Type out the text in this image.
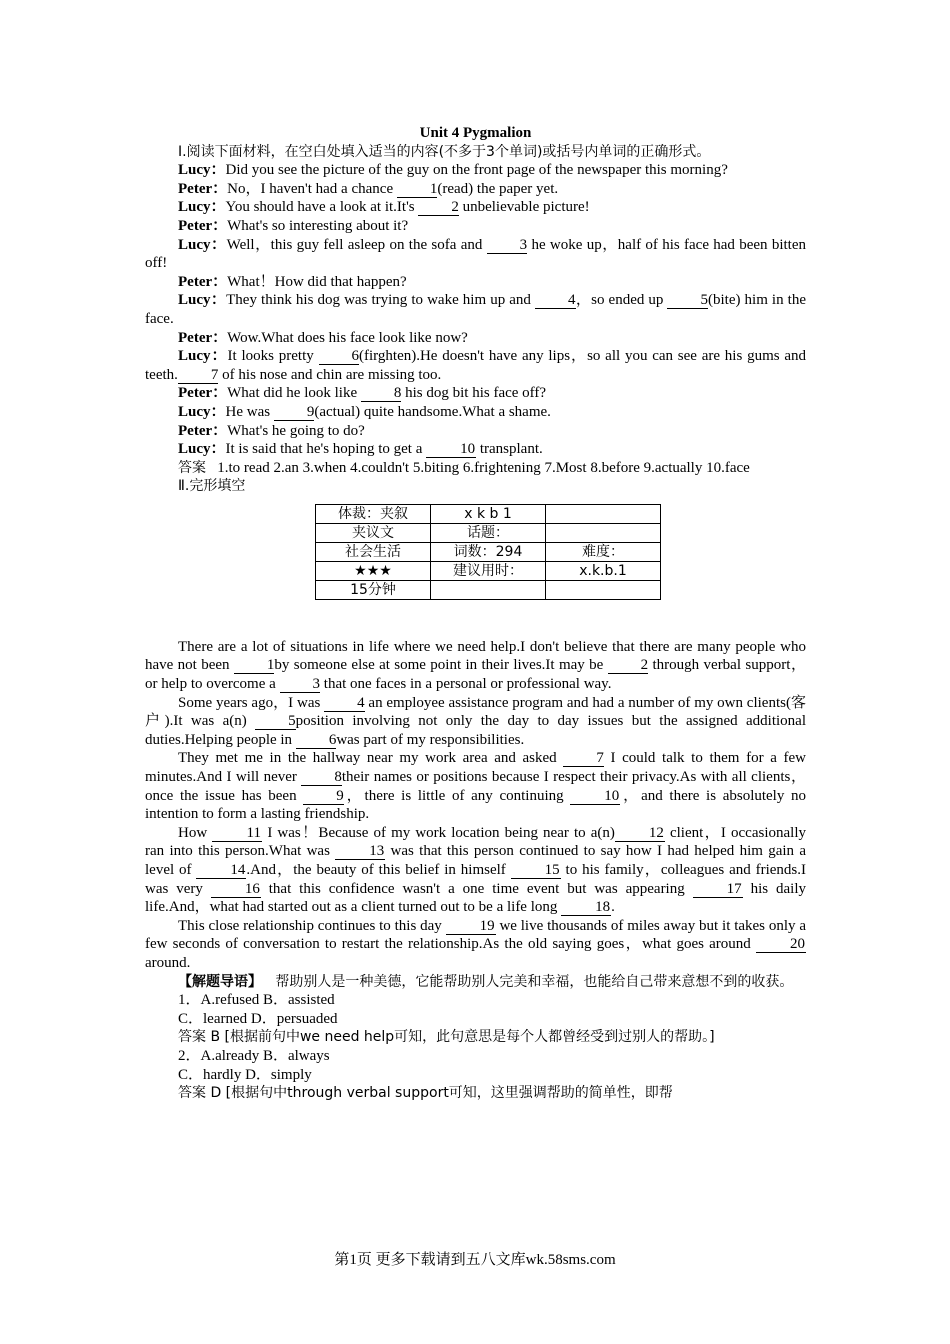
Unit 4 Pygmalion

Ⅰ.阅读下面材料，在空白处填入适当的内容(不多于3个单词)或括号内单词的正确形式。

Lucy：Did you see the picture of the guy on the front page of the newspaper this morning?

Peter：No，I haven't had a chance 1(read) the paper yet.

Lucy：You should have a look at it.It's 2 unbelievable picture!

Peter：What's so interesting about it?

Lucy：Well，this guy fell asleep on the sofa and 3 he woke up，half of his face had been bitten off!

Peter：What！How did that happen?

Lucy：They think his dog was trying to wake him up and 4，so ended up 5(bite) him in the face.

Peter：Wow.What does his face look like now?

Lucy：It looks pretty 6(firghten).He doesn't have any lips，so all you can see are his gums and teeth. 7 of his nose and chin are missing too.

Peter：What did he look like 8 his dog bit his face off?

Lucy：He was 9(actual) quite handsome.What a shame.

Peter：What's he going to do?

Lucy：It is said that he's hoping to get a 10 transplant.

答案 1.to read 2.an 3.when 4.couldn't 5.biting 6.frightening 7.Most 8.before 9.actually 10.face

Ⅱ.完形填空

体裁：夹叙	x k b 1	
夹议文	话题：	
社会生活	词数：294	难度：
★★★	建议用时：	x.k.b.1
15分钟		

There are a lot of situations in life where we need help.I don't believe that there are many people who have not been 1by someone else at some point in their lives.It may be 2 through verbal support，or help to overcome a 3 that one faces in a personal or professional way.

Some years ago，I was 4 an employee assistance program and had a number of my own clients(客户).It was a(n) 5position involving not only the day to day issues but the assigned additional duties.Helping people in 6was part of my responsibilities.

They met me in the hallway near my work area and asked 7 I could talk to them for a few minutes.And I will never 8their names or positions because I respect their privacy.As with all clients，once the issue has been 9，there is little of any continuing 10，and there is absolutely no intention to form a lasting friendship.

How 11 I was！Because of my work location being near to a(n) 12 client，I occasionally ran into this person.What was 13 was that this person continued to say how I had helped him gain a level of 14.And，the beauty of this belief in himself 15 to his family，colleagues and friends.I was very 16 that this confidence wasn't a one time event but was appearing 17 his daily life.And，what had started out as a client turned out to be a life long 18.

This close relationship continues to this day 19 we live thousands of miles away but it takes only a few seconds of conversation to restart the relationship.As the old saying goes，what goes around 20 around.

【解题导语】 帮助别人是一种美德，它能帮助别人完美和幸福，也能给自己带来意想不到的收获。

1．A.refused B．assisted

C．learned D．persuaded

答案 B [根据前句中we need help可知，此句意思是每个人都曾经受到过别人的帮助。]

2．A.already B．always

C．hardly D．simply

答案 D [根据句中through verbal support可知，这里强调帮助的简单性，即帮

第1页 更多下载请到五八文库wk.58sms.com
